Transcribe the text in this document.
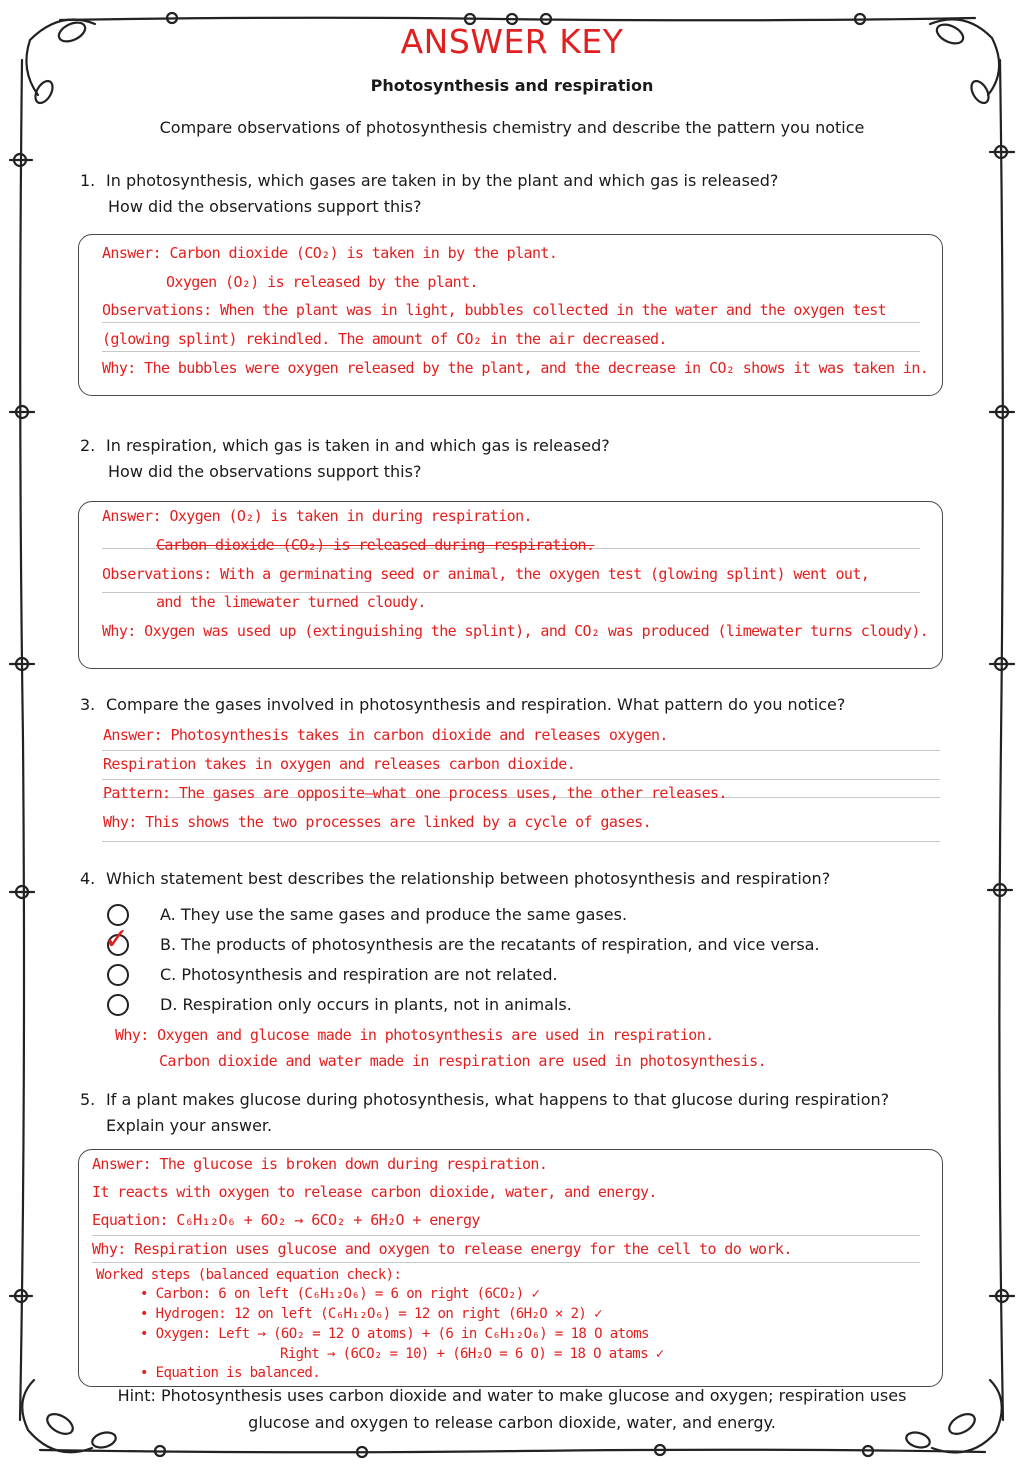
ANSWER KEY
Photosynthesis and respiration
Compare observations of photosynthesis chemistry and describe the pattern you notice
1. In photosynthesis, which gases are taken in by the plant and which gas is released?
How did the observations support this?
Answer: Carbon dioxide (CO₂) is taken in by the plant.
Oxygen (O₂) is released by the plant.
Observations: When the plant was in light, bubbles collected in the water and the oxygen test
(glowing splint) rekindled. The amount of CO₂ in the air decreased.
Why: The bubbles were oxygen released by the plant, and the decrease in CO₂ shows it was taken in.
2. In respiration, which gas is taken in and which gas is released?
How did the observations support this?
Answer: Oxygen (O₂) is taken in during respiration.
Carbon dioxide (CO₂) is released during respiration.
Observations: With a germinating seed or animal, the oxygen test (glowing splint) went out,
and the limewater turned cloudy.
Why: Oxygen was used up (extinguishing the splint), and CO₂ was produced (limewater turns cloudy).
3. Compare the gases involved in photosynthesis and respiration. What pattern do you notice?
Answer: Photosynthesis takes in carbon dioxide and releases oxygen.
Respiration takes in oxygen and releases carbon dioxide.
Pattern: The gases are opposite—what one process uses, the other releases.
Why: This shows the two processes are linked by a cycle of gases.
4. Which statement best describes the relationship between photosynthesis and respiration?
✓
A. They use the same gases and produce the same gases.
B. The products of photosynthesis are the recatants of respiration, and vice versa.
C. Photosynthesis and respiration are not related.
D. Respiration only occurs in plants, not in animals.
Why: Oxygen and glucose made in photosynthesis are used in respiration.
Carbon dioxide and water made in respiration are used in photosynthesis.
5. If a plant makes glucose during photosynthesis, what happens to that glucose during respiration?
Explain your answer.
Answer: The glucose is broken down during respiration.
It reacts with oxygen to release carbon dioxide, water, and energy.
Equation: C₆H₁₂O₆ + 6O₂ → 6CO₂ + 6H₂O + energy
Why: Respiration uses glucose and oxygen to release energy for the cell to do work.
Worked steps (balanced equation check):
• Carbon: 6 on left (C₆H₁₂O₆) = 6 on right (6CO₂) ✓
• Hydrogen: 12 on left (C₆H₁₂O₆) = 12 on right (6H₂O × 2) ✓
• Oxygen: Left → (6O₂ = 12 O atoms) + (6 in C₆H₁₂O₆) = 18 O atoms
Right → (6CO₂ = 10) + (6H₂O = 6 O) = 18 O atams ✓
• Equation is balanced.
Hint: Photosynthesis uses carbon dioxide and water to make glucose and oxygen; respiration uses
glucose and oxygen to release carbon dioxide, water, and energy.
